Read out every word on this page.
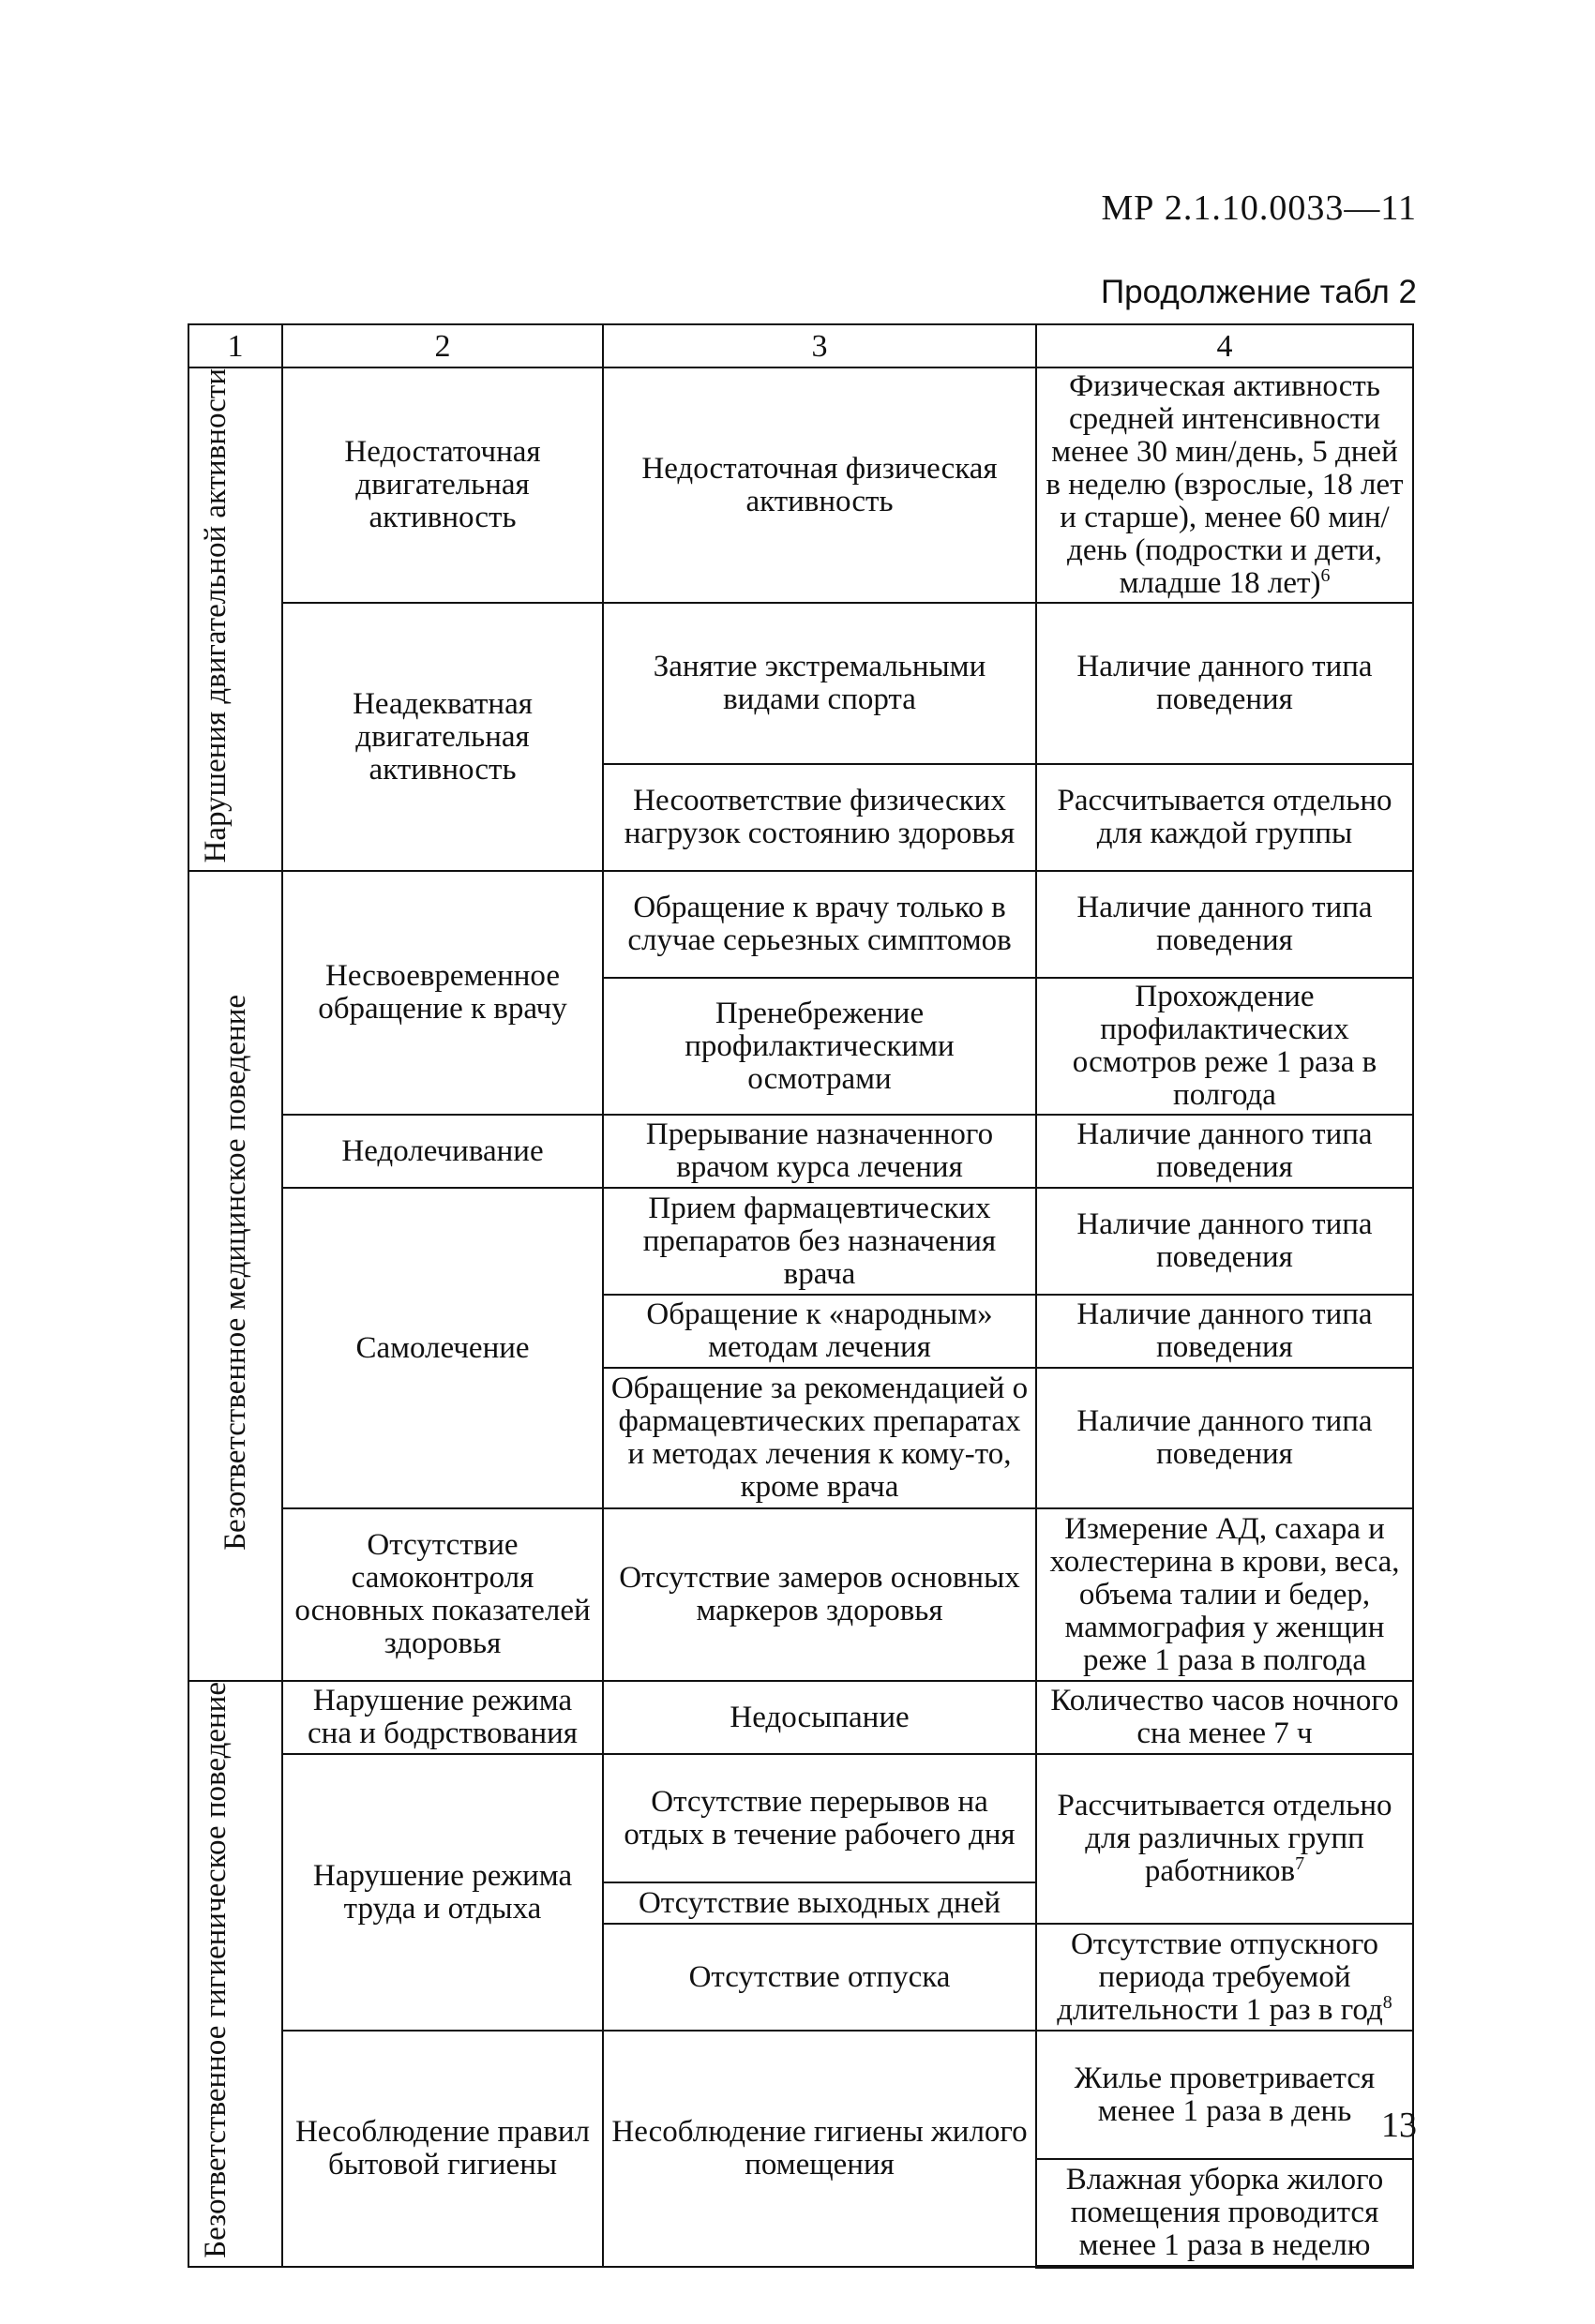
МР 2.1.10.0033—11
Продолжение табл 2
1	2	3	4
Нарушения двигательной активности	Недостаточная двигательная активность	Недостаточная физическая активность	Физическая активность средней интенсивности менее 30 мин/день, 5 дней в неделю (взрослые, 18 лет и старше), менее 60 мин/день (подростки и дети, младше 18 лет)$^6$
	Неадекватная двигательная активность	Занятие экстремальными видами спорта	Наличие данного типа поведения
		Несоответствие физических нагрузок состоянию здоровья	Рассчитывается отдельно для каждой группы
Безответственное медицинское поведение	Несвоевременное обращение к врачу	Обращение к врачу только в случае серьезных симптомов	Наличие данного типа поведения
		Пренебрежение профилактическими осмотрами	Прохождение профилактических осмотров реже 1 раза в полгода
	Недолечивание	Прерывание назначенного врачом курса лечения	Наличие данного типа поведения
	Самолечение	Прием фармацевтических препаратов без назначения врача	Наличие данного типа поведения
		Обращение к «народным» методам лечения	Наличие данного типа поведения
		Обращение за рекомендацией о фармацевтических препаратах и методах лечения к кому-то, кроме врача	Наличие данного типа поведения
	Отсутствие самоконтроля основных показателей здоровья	Отсутствие замеров основных маркеров здоровья	Измерение АД, сахара и холестерина в крови, веса, объема талии и бедер, маммография у женщин реже 1 раза в полгода
Безответственное гигиеническое поведение	Нарушение режима сна и бодрствования	Недосыпание	Количество часов ночного сна менее 7 ч
	Нарушение режима труда и отдыха	Отсутствие перерывов на отдых в течение рабочего дня	Рассчитывается отдельно для различных групп работников$^7$
		Отсутствие выходных дней	
		Отсутствие отпуска	Отсутствие отпускного периода требуемой длительности 1 раз в год$^8$
	Несоблюдение правил бытовой гигиены	Несоблюдение гигиены жилого помещения	Жилье проветривается менее 1 раза в день
			Влажная уборка жилого помещения проводится менее 1 раза в неделю
13
